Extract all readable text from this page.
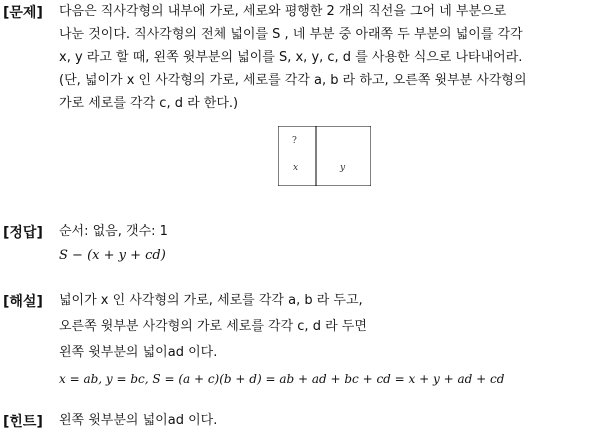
[문제] 다음은 직사각형의 내부에 가로, 세로와 평행한 2 개의 직선을 그어 네 부분으로
나눈 것이다. 직사각형의 전체 넓이를 S , 네 부분 중 아래쪽 두 부분의 넓이를 각각
x, y 라고 할 때, 왼쪽 윗부분의 넓이를 S, x, y, c, d 를 사용한 식으로 나타내어라.
(단, 넓이가 x 인 사각형의 가로, 세로를 각각 a, b 라 하고, 오른쪽 윗부분 사각형의
가로 세로를 각각 c, d 라 한다.)
?
x	y
[정답] 순서: 없음, 갯수: 1
S − (x + y + cd)
[해설] 넓이가 x 인 사각형의 가로, 세로를 각각 a, b 라 두고,
오른쪽 윗부분 사각형의 가로 세로를 각각 c, d 라 두면
왼쪽 윗부분의 넓이ad 이다.
x = ab, y = bc, S = (a + c)(b + d) = ab + ad + bc + cd = x + y + ad + cd
[힌트] 왼쪽 윗부분의 넓이ad 이다.
